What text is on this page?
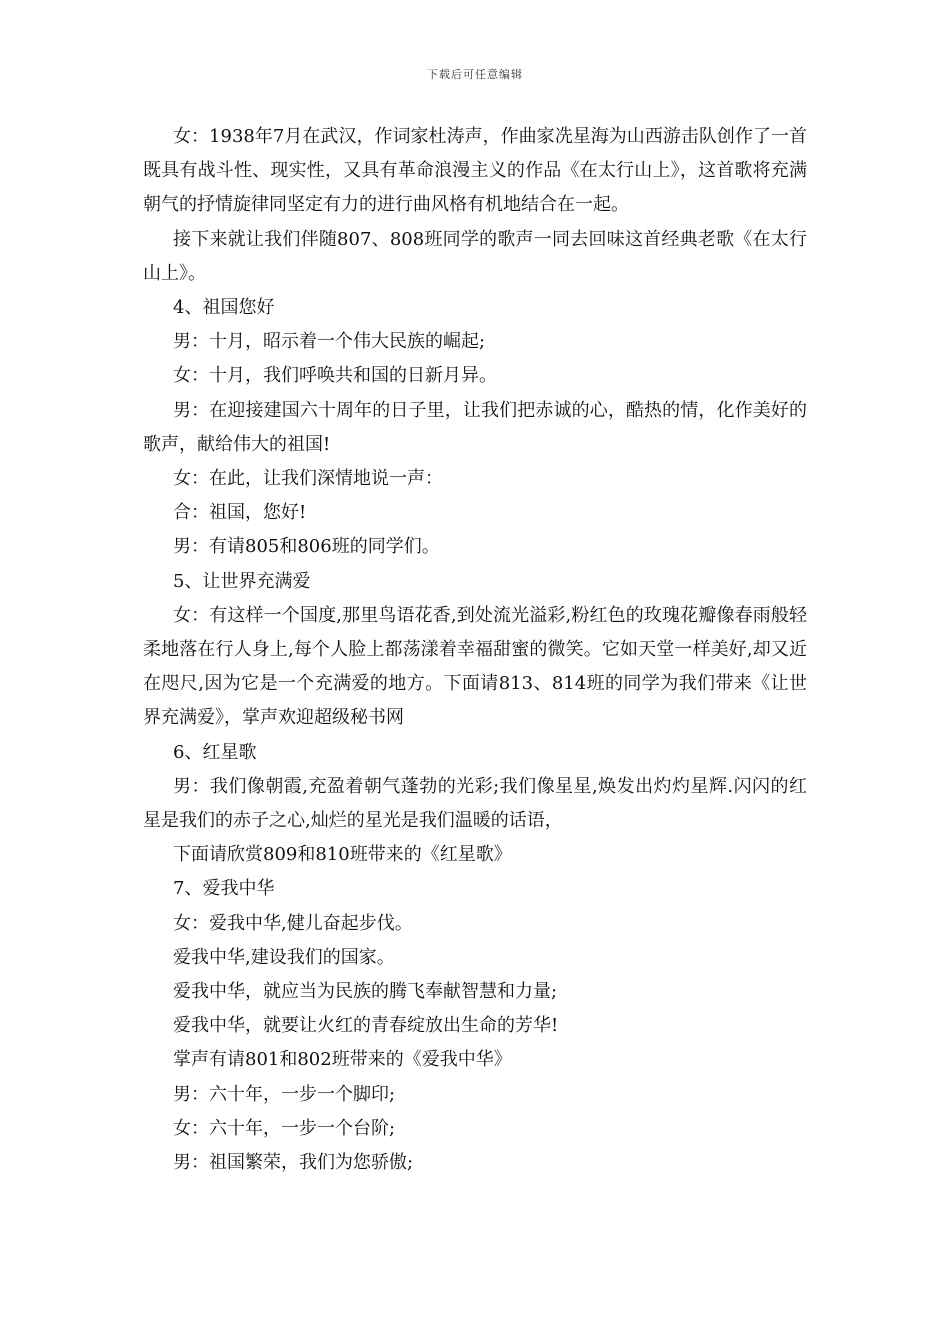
下载后可任意编辑

女：1938年7月在武汉，作词家杜涛声，作曲家冼星海为山西游击队创作了一首既具有战斗性、现实性，又具有革命浪漫主义的作品《在太行山上》，这首歌将充满朝气的抒情旋律同坚定有力的进行曲风格有机地结合在一起。

接下来就让我们伴随807、808班同学的歌声一同去回味这首经典老歌《在太行山上》。

4、祖国您好

男：十月，昭示着一个伟大民族的崛起;

女：十月，我们呼唤共和国的日新月异。

男：在迎接建国六十周年的日子里，让我们把赤诚的心，酷热的情，化作美好的歌声，献给伟大的祖国!

女：在此，让我们深情地说一声：

合：祖国，您好!

男：有请805和806班的同学们。

5、让世界充满爱

女：有这样一个国度,那里鸟语花香,到处流光溢彩,粉红色的玫瑰花瓣像春雨般轻柔地落在行人身上,每个人脸上都荡漾着幸福甜蜜的微笑。它如天堂一样美好,却又近在咫尺,因为它是一个充满爱的地方。下面请813、814班的同学为我们带来《让世界充满爱》，掌声欢迎超级秘书网

6、红星歌

男：我们像朝霞,充盈着朝气蓬勃的光彩;我们像星星,焕发出灼灼星辉.闪闪的红星是我们的赤子之心,灿烂的星光是我们温暖的话语，

下面请欣赏809和810班带来的《红星歌》

7、爱我中华

女：爱我中华,健儿奋起步伐。

爱我中华,建设我们的国家。

爱我中华，就应当为民族的腾飞奉献智慧和力量;

爱我中华，就要让火红的青春绽放出生命的芳华!

掌声有请801和802班带来的《爱我中华》

男：六十年，一步一个脚印;

女：六十年，一步一个台阶;

男：祖国繁荣，我们为您骄傲;
